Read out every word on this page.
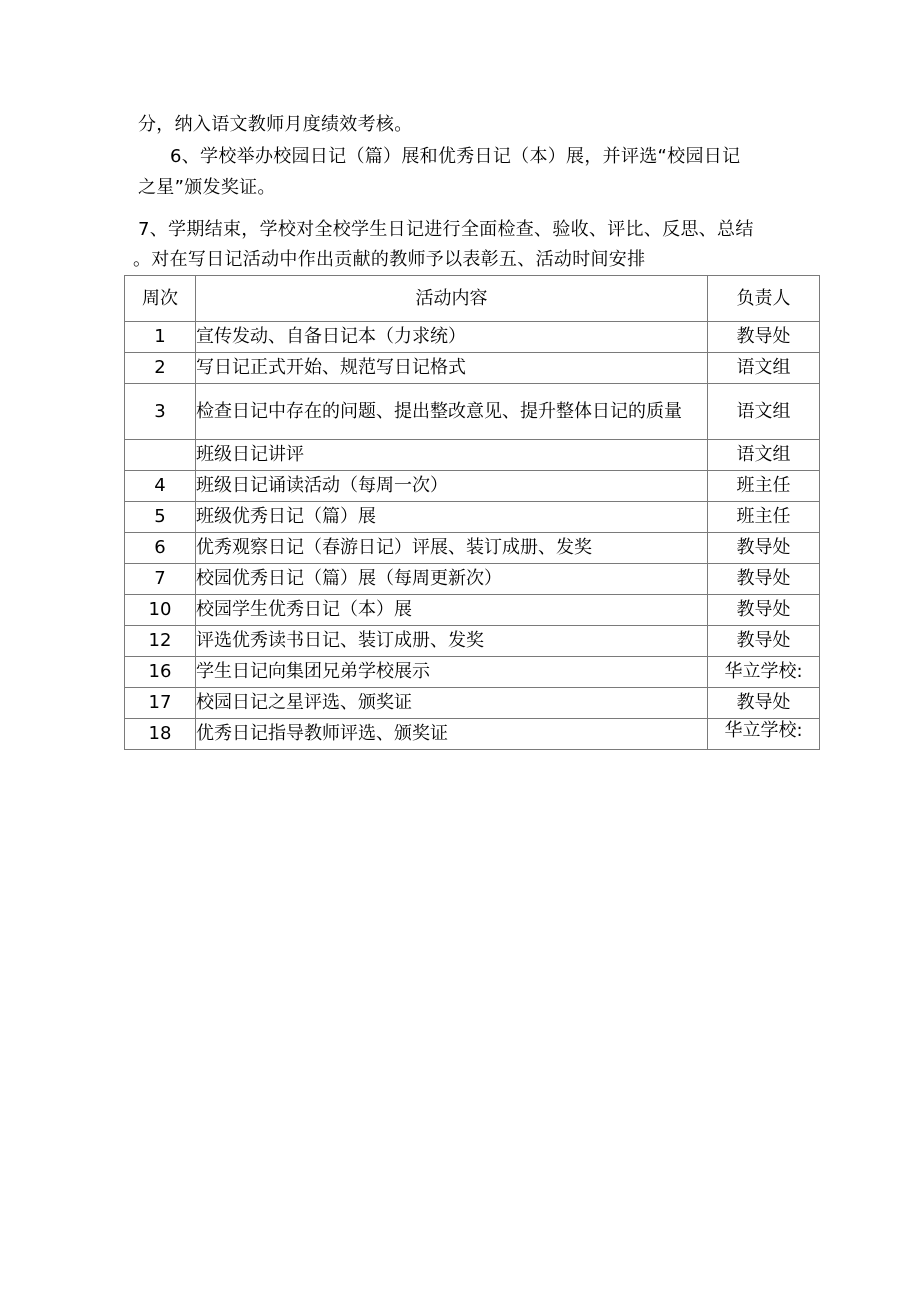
分，纳入语文教师月度绩效考核。
6、学校举办校园日记（篇）展和优秀日记（本）展，并评选“校园日记
之星”颁发奖证。
7、学期结束，学校对全校学生日记进行全面检查、验收、评比、反思、总结
。对在写日记活动中作出贡献的教师予以表彰五、活动时间安排
周次	活动内容	负责人
1	宣传发动、自备日记本（力求统）	教导处
2	写日记正式开始、规范写日记格式	语文组
3	检查日记中存在的问题、提出整改意见、提升整体日记的质量	语文组
	班级日记讲评	语文组
4	班级日记诵读活动（每周一次）	班主任
5	班级优秀日记（篇）展	班主任
6	优秀观察日记（春游日记）评展、装订成册、发奖	教导处
7	校园优秀日记（篇）展（每周更新次）	教导处
10	校园学生优秀日记（本）展	教导处
12	评选优秀读书日记、装订成册、发奖	教导处
16	学生日记向集团兄弟学校展示	华立学校:
17	校园日记之星评选、颁奖证	教导处
18	优秀日记指导教师评选、颁奖证	华立学校:
